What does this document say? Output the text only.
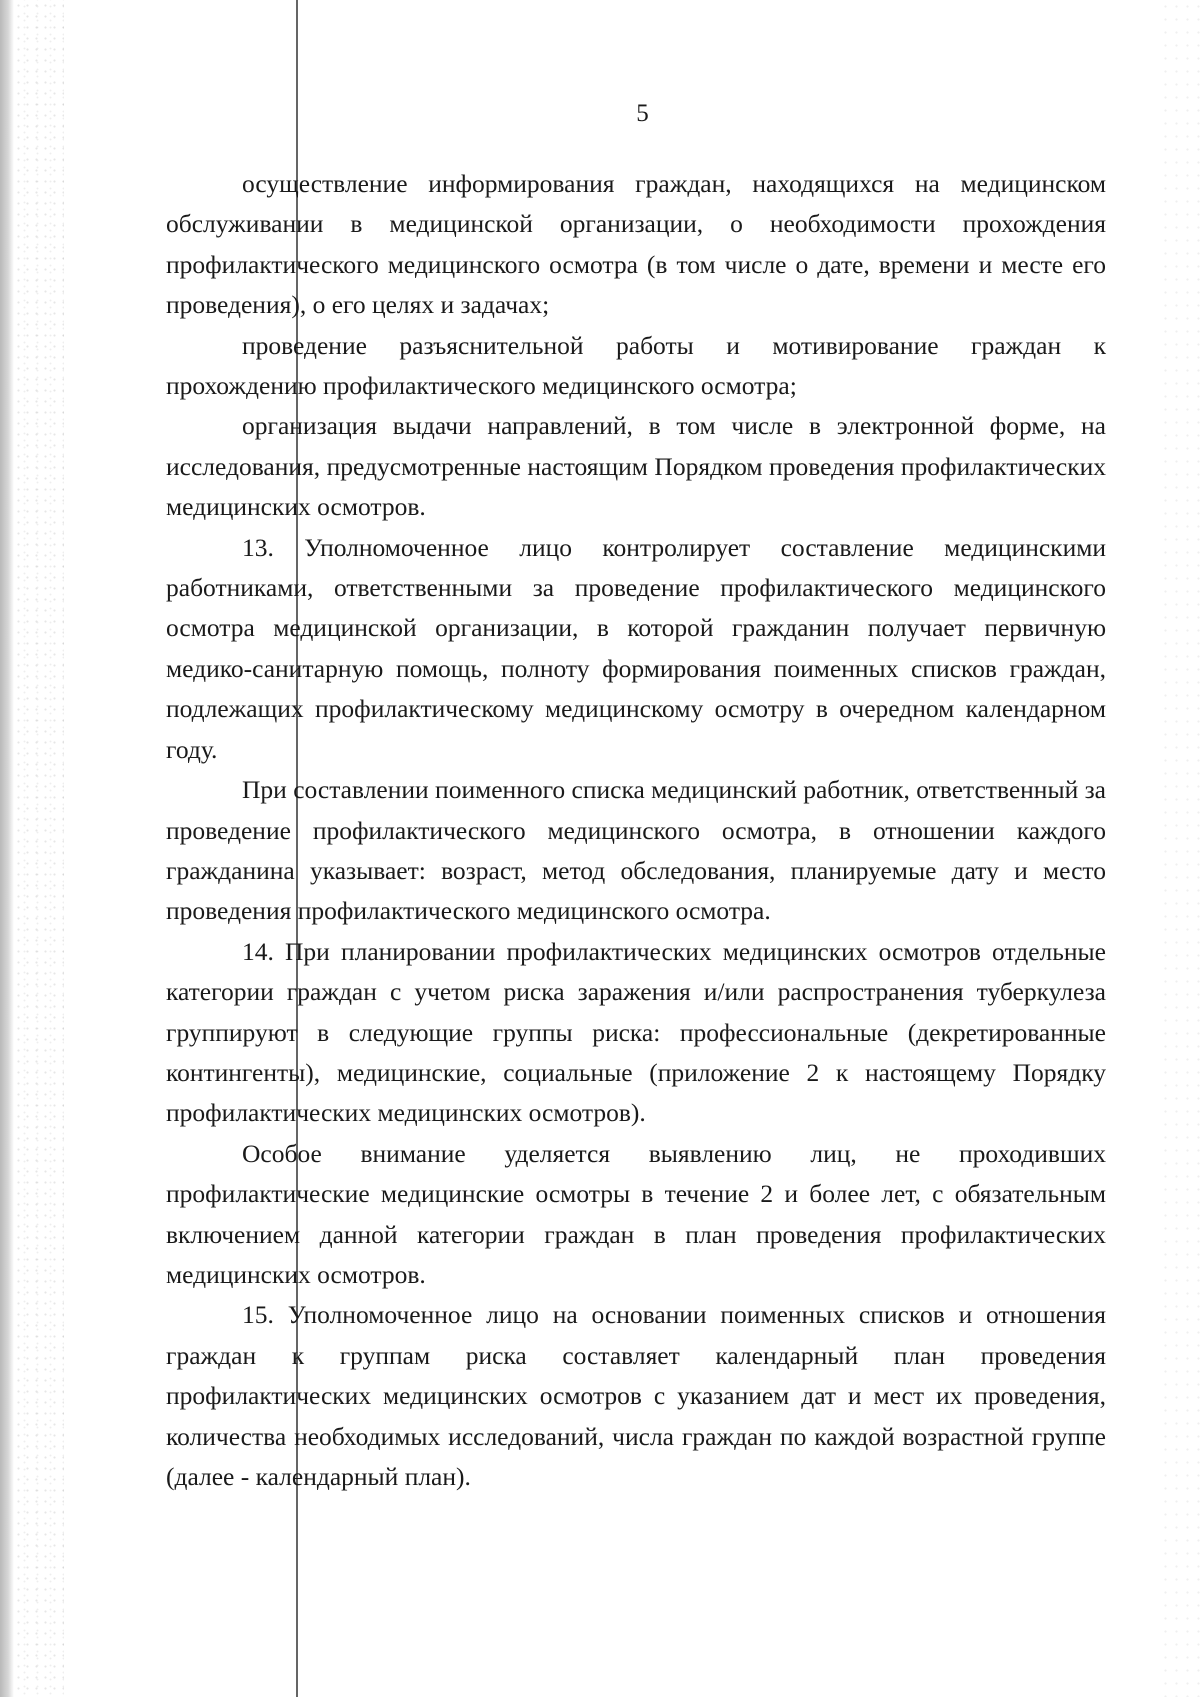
5

осуществление информирования граждан, находящихся на медицинском обслуживании в медицинской организации, о необходимости прохождения профилактического медицинского осмотра (в том числе о дате, времени и месте его проведения), о его целях и задачах;

проведение разъяснительной работы и мотивирование граждан к прохождению профилактического медицинского осмотра;

организация выдачи направлений, в том числе в электронной форме, на исследования, предусмотренные настоящим Порядком проведения профилактических медицинских осмотров.

13. Уполномоченное лицо контролирует составление медицинскими работниками, ответственными за проведение профилактического медицинского осмотра медицинской организации, в которой гражданин получает первичную медико-санитарную помощь, полноту формирования поименных списков граждан, подлежащих профилактическому медицинскому осмотру в очередном календарном году.

При составлении поименного списка медицинский работник, ответственный за проведение профилактического медицинского осмотра, в отношении каждого гражданина указывает: возраст, метод обследования, планируемые дату и место проведения профилактического медицинского осмотра.

14. При планировании профилактических медицинских осмотров отдельные категории граждан с учетом риска заражения и/или распространения туберкулеза группируют в следующие группы риска: профессиональные (декретированные контингенты), медицинские, социальные (приложение 2 к настоящему Порядку профилактических медицинских осмотров).

Особое внимание уделяется выявлению лиц, не проходивших профилактические медицинские осмотры в течение 2 и более лет, с обязательным включением данной категории граждан в план проведения профилактических медицинских осмотров.

15. Уполномоченное лицо на основании поименных списков и отношения граждан к группам риска составляет календарный план проведения профилактических медицинских осмотров с указанием дат и мест их проведения, количества необходимых исследований, числа граждан по каждой возрастной группе (далее - календарный план).
